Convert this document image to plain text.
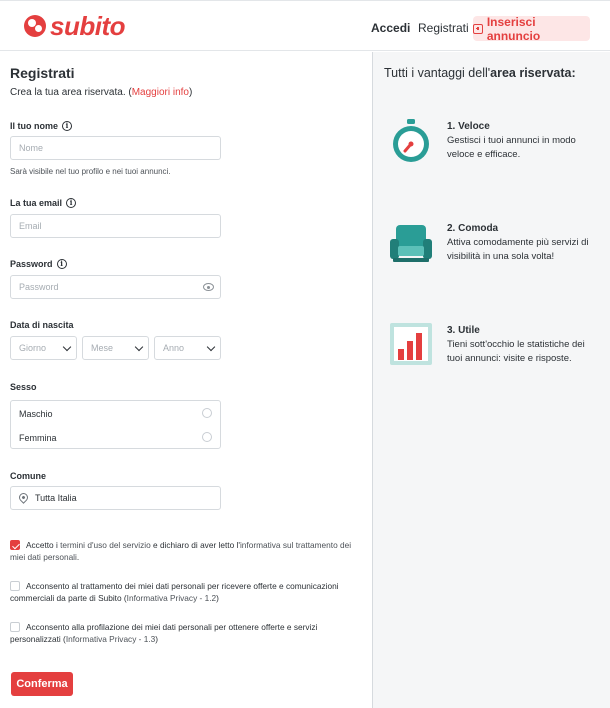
subito	Accedi Registrati Inserisci annuncio
Registrati
Crea la tua area riservata. (Maggiori info)
Il tuo nome	i
Nome
Sarà visibile nel tuo profilo e nei tuoi annunci.
La tua email	i
Email
Password	i
Password
Data di nascita
Giorno	Mese	Anno
Sesso
Maschio
Femmina
Comune
Tutta Italia
Accetto i termini d'uso del servizio e dichiaro di aver letto l'informativa sul trattamento dei miei dati personali.
Acconsento al trattamento dei miei dati personali per ricevere offerte e comunicazioni commerciali da parte di Subito (Informativa Privacy - 1.2)
Acconsento alla profilazione dei miei dati personali per ottenere offerte e servizi personalizzati (Informativa Privacy - 1.3)
Conferma
Tutti i vantaggi dell'area riservata:
1. Veloce
Gestisci i tuoi annunci in modo veloce e efficace.
2. Comoda
Attiva comodamente più servizi di visibilità in una sola volta!
3. Utile
Tieni sott'occhio le statistiche dei tuoi annunci: visite e risposte.
